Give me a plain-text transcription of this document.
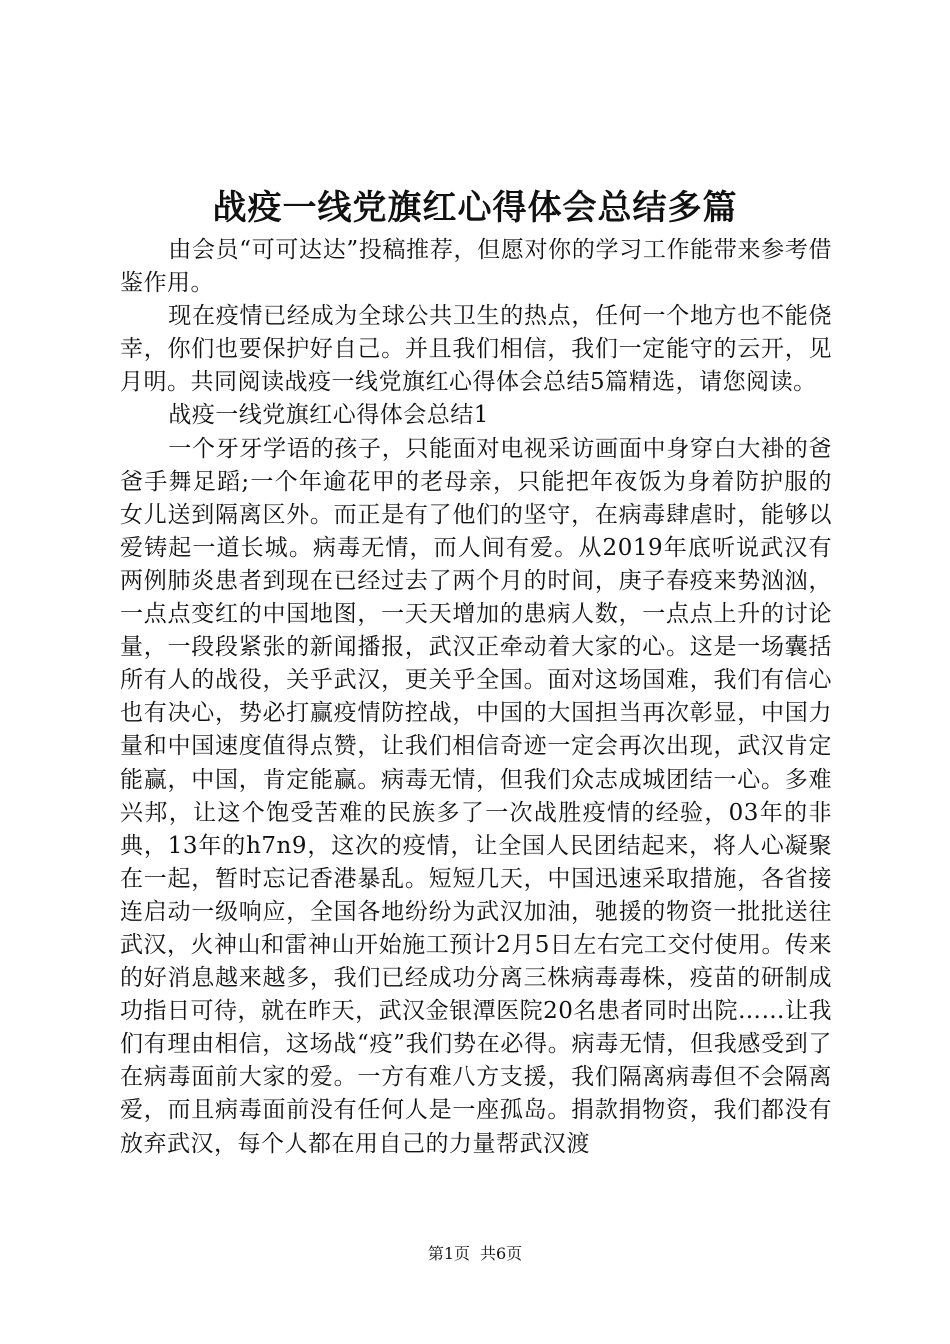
战疫一线党旗红心得体会总结多篇

由会员“可可达达”投稿推荐，但愿对你的学习工作能带来参考借鉴作用。

现在疫情已经成为全球公共卫生的热点，任何一个地方也不能侥幸，你们也要保护好自己。并且我们相信，我们一定能守的云开，见月明。共同阅读战疫一线党旗红心得体会总结5篇精选，请您阅读。

战疫一线党旗红心得体会总结1

一个牙牙学语的孩子，只能面对电视采访画面中身穿白大褂的爸爸手舞足蹈;一个年逾花甲的老母亲，只能把年夜饭为身着防护服的女儿送到隔离区外。而正是有了他们的坚守，在病毒肆虐时，能够以爱铸起一道长城。病毒无情，而人间有爱。从2019年底听说武汉有两例肺炎患者到现在已经过去了两个月的时间，庚子春疫来势汹汹，一点点变红的中国地图，一天天增加的患病人数，一点点上升的讨论量，一段段紧张的新闻播报，武汉正牵动着大家的心。这是一场囊括所有人的战役，关乎武汉，更关乎全国。面对这场国难，我们有信心也有决心，势必打赢疫情防控战，中国的大国担当再次彰显，中国力量和中国速度值得点赞，让我们相信奇迹一定会再次出现，武汉肯定能赢，中国，肯定能赢。病毒无情，但我们众志成城团结一心。多难兴邦，让这个饱受苦难的民族多了一次战胜疫情的经验，03年的非典，13年的h7n9，这次的疫情，让全国人民团结起来，将人心凝聚在一起，暂时忘记香港暴乱。短短几天，中国迅速采取措施，各省接连启动一级响应，全国各地纷纷为武汉加油，驰援的物资一批批送往武汉，火神山和雷神山开始施工预计2月5日左右完工交付使用。传来的好消息越来越多，我们已经成功分离三株病毒毒株，疫苗的研制成功指日可待，就在昨天，武汉金银潭医院20名患者同时出院……让我们有理由相信，这场战“疫”我们势在必得。病毒无情，但我感受到了在病毒面前大家的爱。一方有难八方支援，我们隔离病毒但不会隔离爱，而且病毒面前没有任何人是一座孤岛。捐款捐物资，我们都没有放弃武汉，每个人都在用自己的力量帮武汉渡

第1页 共6页
